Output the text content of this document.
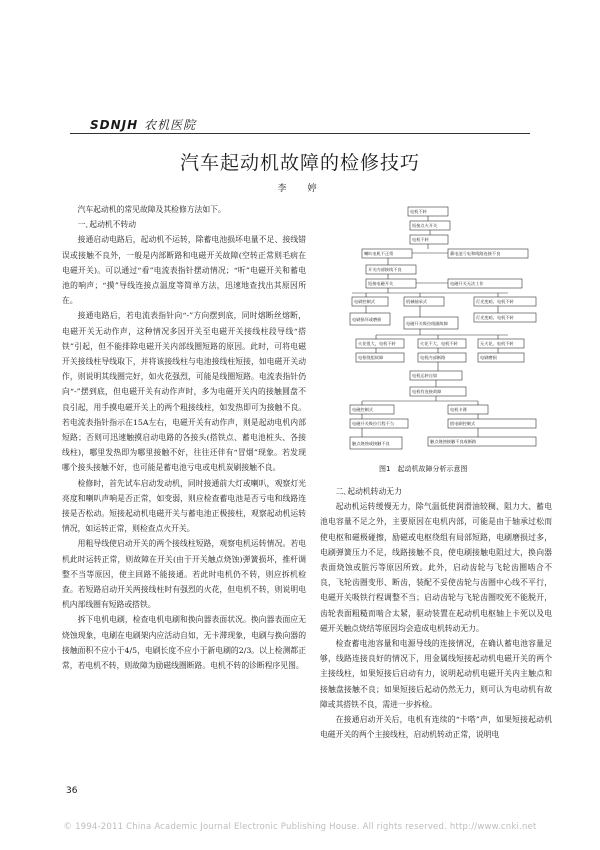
SDNJH 农机医院
汽车起动机故障的检修技巧
李　婷

汽车起动机的常见故障及其检修方法如下。

一､起动机不转动

接通启动电路后，起动机不运转，除蓄电池损坏电量不足、接线错误或接触不良外，一般是内部断路和电磁开关故障(空转正常则毛病在电磁开关)。可以通过“看”电流表指针摆动情况；“听”电磁开关和蓄电池的响声；“摸”导线连接点温度等简单方法，迅速地查找出其原因所在。

接通电路后，若电流表指针向“-”方向摆到底，同时熔断丝熔断，电磁开关无动作声，这种情况多因开关至电磁开关接线柱段导线“搭铁”引起，但不能排除电磁开关内部线圈短路的原因。此时，可将电磁开关接线柱导线取下，并将该接线柱与电池接线柱短接，如电磁开关动作，则说明其线圈完好，如火花强烈，可能是线圈短路。电流表指针仍向“-”摆到底，但电磁开关有动作声时，多为电磁开关内的接触圆盘不良引起，用手摸电磁开关上的两个粗接线柱，如发热即可为接触不良。若电流表指针指示在15A左右，电磁开关有动作声，则是起动电机内部短路；否则可迅速触摸启动电路的各接头(搭铁点、蓄电池桩头、各接线柱)，哪里发热即为哪里接触不好，往往还伴有“冒烟”现象。若发现哪个接头接触不好，也可能是蓄电池亏电或电机炭刷接触不良。

检修时，首先试车启动发动机，同时接通前大灯或喇叭，观察灯光亮度和喇叭声响是否正常，如变弱，则应检查蓄电池是否亏电和线路连接是否松动。短接起动机电磁开关与蓄电池正极接柱，观察起动机运转情况，如运转正常，则检查点火开关。

用粗导线使启动开关的两个接线柱短路，观察电机运转情况。若电机此时运转正常，则故障在开关(由于开关触点烧蚀)弹簧损坏，推杆调整不当等原因，使主回路不能接通。若此时电机仍不转，则应拆机检查。若短路启动开关两接线柱时有强烈的火花，但电机不转，则说明电机内部线圈有短路或搭铁。

拆下电机电刷，检查电机电刷和换向器表面状况。换向器表面应无烧蚀现象，电刷在电刷架内应活动自如，无卡滞现象，电刷与换向器的接触面积不应小于4/5，电刷长度不应小于新电刷的2/3。以上检测都正常，若电机不转，则故障为励磁线圈断路。电机不转的诊断程序见图。

电机不转
短接点火开关
电机不转
喇叭电机不正常	蓄电池亏电和线路连接不良
开关内部接线不良
短接电磁开关	电磁开关无法工作
电刷控制式	机械轴承式	灯光变暗，电机不转
电刷损坏或磨损	灯光变暗，电机不转
电磁开关吸拉线圈故障
火花很大，电机不转	火花不大，电机不转	无火花，电机不转
电枢绕组故障	电机内部断路	电刷磨损
电机运转自如
电机有连接故障
电磁控制式	电机卡滞
电磁开关吸拉行程不当	搭电刷控制式
触点烧蚀或接触不良	触点烧蚀接触不良或断路
图1　起动机故障分析示意图

二､起动机转动无力

起动机运转缓慢无力，除气温低使润滑油较稠、阻力大、蓄电池电容量不足之外，主要原因在电机内部，可能是由于轴承过松而使电枢和磁极碰擦，励磁或电枢绕组有局部短路，电刷磨损过多，电刷弹簧压力不足，线路接触不良，使电刷接触电阻过大，换向器表面烧蚀或脏污等原因所致。此外，启动齿轮与飞轮齿圈啮合不良，飞轮齿圈变形、断齿，装配不妥使齿轮与齿圈中心线不平行，电磁开关吸铁行程调整不当；启动齿轮与飞轮齿圈咬死不能脱开，齿轮表面粗糙而啮合太紧，驱动装置在起动机电枢轴上卡死以及电磁开关触点烧结等原因均会造成电机转动无力。

检查蓄电池容量和电源导线的连接情况，在确认蓄电池容量足够，线路连接良好的情况下，用金属线短接起动机电磁开关的两个主接线柱，如果短接后启动有力，说明起动机电磁开关内主触点和接触盘接触不良；如果短接后起动仍然无力，则可认为电动机有故障或其搭铁不良，需进一步拆检。

在接通启动开关后，电机有连续的“卡嗒”声，如果短接起动机电磁开关的两个主接线柱，启动机转动正常，说明电

36
© 1994-2011 China Academic Journal Electronic Publishing House. All rights reserved. http://www.cnki.net
